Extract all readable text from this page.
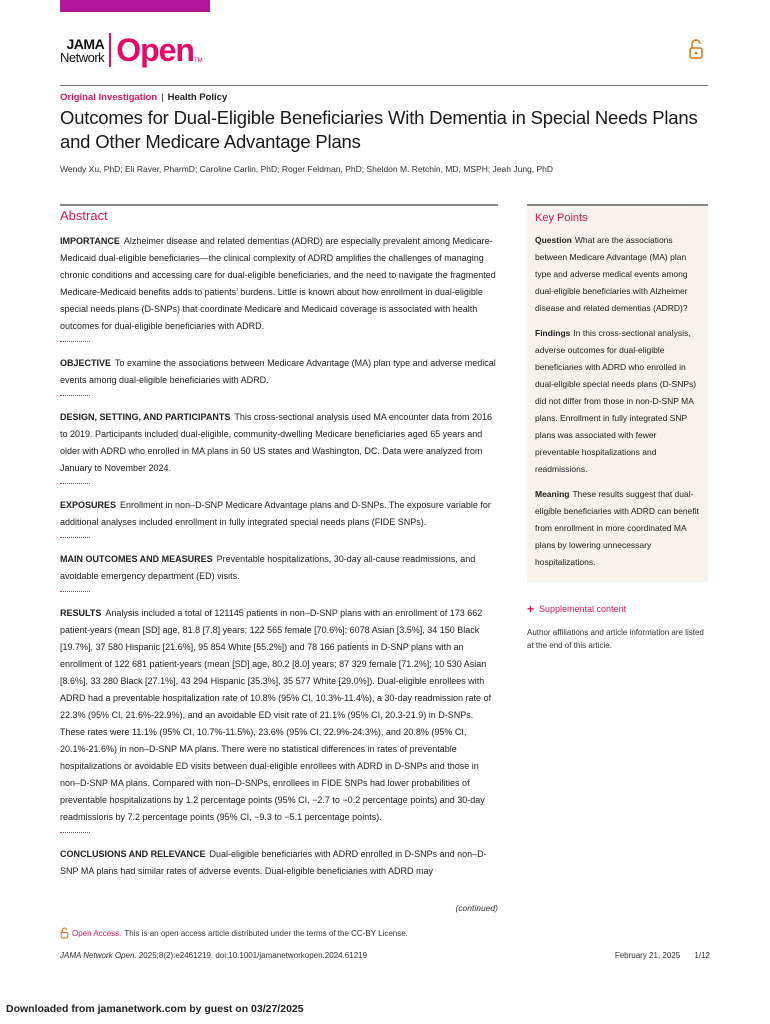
JAMA
Network Open TM
Original Investigation | Health Policy
Outcomes for Dual-Eligible Beneficiaries With Dementia in Special Needs Plans and Other Medicare Advantage Plans
Wendy Xu, PhD; Eli Raver, PharmD; Caroline Carlin, PhD; Roger Feldman, PhD; Sheldon M. Retchin, MD, MSPH; Jeah Jung, PhD
Abstract

IMPORTANCE Alzheimer disease and related dementias (ADRD) are especially prevalent among Medicare-Medicaid dual-eligible beneficiaries—the clinical complexity of ADRD amplifies the challenges of managing chronic conditions and accessing care for dual-eligible beneficiaries, and the need to navigate the fragmented Medicare-Medicaid benefits adds to patients’ burdens. Little is known about how enrollment in dual-eligible special needs plans (D-SNPs) that coordinate Medicare and Medicaid coverage is associated with health outcomes for dual-eligible beneficiaries with ADRD.

OBJECTIVE To examine the associations between Medicare Advantage (MA) plan type and adverse medical events among dual-eligible beneficiaries with ADRD.

DESIGN, SETTING, AND PARTICIPANTS This cross-sectional analysis used MA encounter data from 2016 to 2019. Participants included dual-eligible, community-dwelling Medicare beneficiaries aged 65 years and older with ADRD who enrolled in MA plans in 50 US states and Washington, DC. Data were analyzed from January to November 2024.

EXPOSURES Enrollment in non–D-SNP Medicare Advantage plans and D-SNPs. The exposure variable for additional analyses included enrollment in fully integrated special needs plans (FIDE SNPs).

MAIN OUTCOMES AND MEASURES Preventable hospitalizations, 30-day all-cause readmissions, and avoidable emergency department (ED) visits.

RESULTS Analysis included a total of 121145 patients in non–D-SNP plans with an enrollment of 173 662 patient-years (mean [SD] age, 81.8 [7.8] years; 122 565 female [70.6%]; 6078 Asian [3.5%], 34 150 Black [19.7%], 37 580 Hispanic [21.6%], 95 854 White [55.2%]) and 78 166 patients in D-SNP plans with an enrollment of 122 681 patient-years (mean [SD] age, 80.2 [8.0] years; 87 329 female [71.2%]; 10 530 Asian [8.6%], 33 280 Black [27.1%], 43 294 Hispanic [35.3%], 35 577 White [29.0%]). Dual-eligible enrollees with ADRD had a preventable hospitalization rate of 10.8% (95% CI, 10.3%-11.4%), a 30-day readmission rate of 22.3% (95% CI, 21.6%-22.9%), and an avoidable ED visit rate of 21.1% (95% CI, 20.3-21.9) in D-SNPs. These rates were 11.1% (95% CI, 10.7%-11.5%), 23.6% (95% CI, 22.9%-24.3%), and 20.8% (95% CI, 20.1%-21.6%) in non–D-SNP MA plans. There were no statistical differences in rates of preventable hospitalizations or avoidable ED visits between dual-eligible enrollees with ADRD in D-SNPs and those in non–D-SNP MA plans. Compared with non–D-SNPs, enrollees in FIDE SNPs had lower probabilities of preventable hospitalizations by 1.2 percentage points (95% CI, −2.7 to −0.2 percentage points) and 30-day readmissions by 7.2 percentage points (95% CI, −9.3 to −5.1 percentage points).

CONCLUSIONS AND RELEVANCE Dual-eligible beneficiaries with ADRD enrolled in D-SNPs and non–D-SNP MA plans had similar rates of adverse events. Dual-eligible beneficiaries with ADRD may

(continued)
Key Points

Question What are the associations between Medicare Advantage (MA) plan type and adverse medical events among dual-eligible beneficiaries with Alzheimer disease and related dementias (ADRD)?

Findings In this cross-sectional analysis, adverse outcomes for dual-eligible beneficiaries with ADRD who enrolled in dual-eligible special needs plans (D-SNPs) did not differ from those in non-D-SNP MA plans. Enrollment in fully integrated SNP plans was associated with fewer preventable hospitalizations and readmissions.

Meaning These results suggest that dual-eligible beneficiaries with ADRD can benefit from enrollment in more coordinated MA plans by lowering unnecessary hospitalizations.

+ Supplemental content
Author affiliations and article information are listed at the end of this article.
Open Access. This is an open access article distributed under the terms of the CC-BY License.
JAMA Network Open. 2025;8(2):e2461219. doi:10.1001/jamanetworkopen.2024.61219	February 21, 2025 1/12
Downloaded from jamanetwork.com by guest on 03/27/2025
